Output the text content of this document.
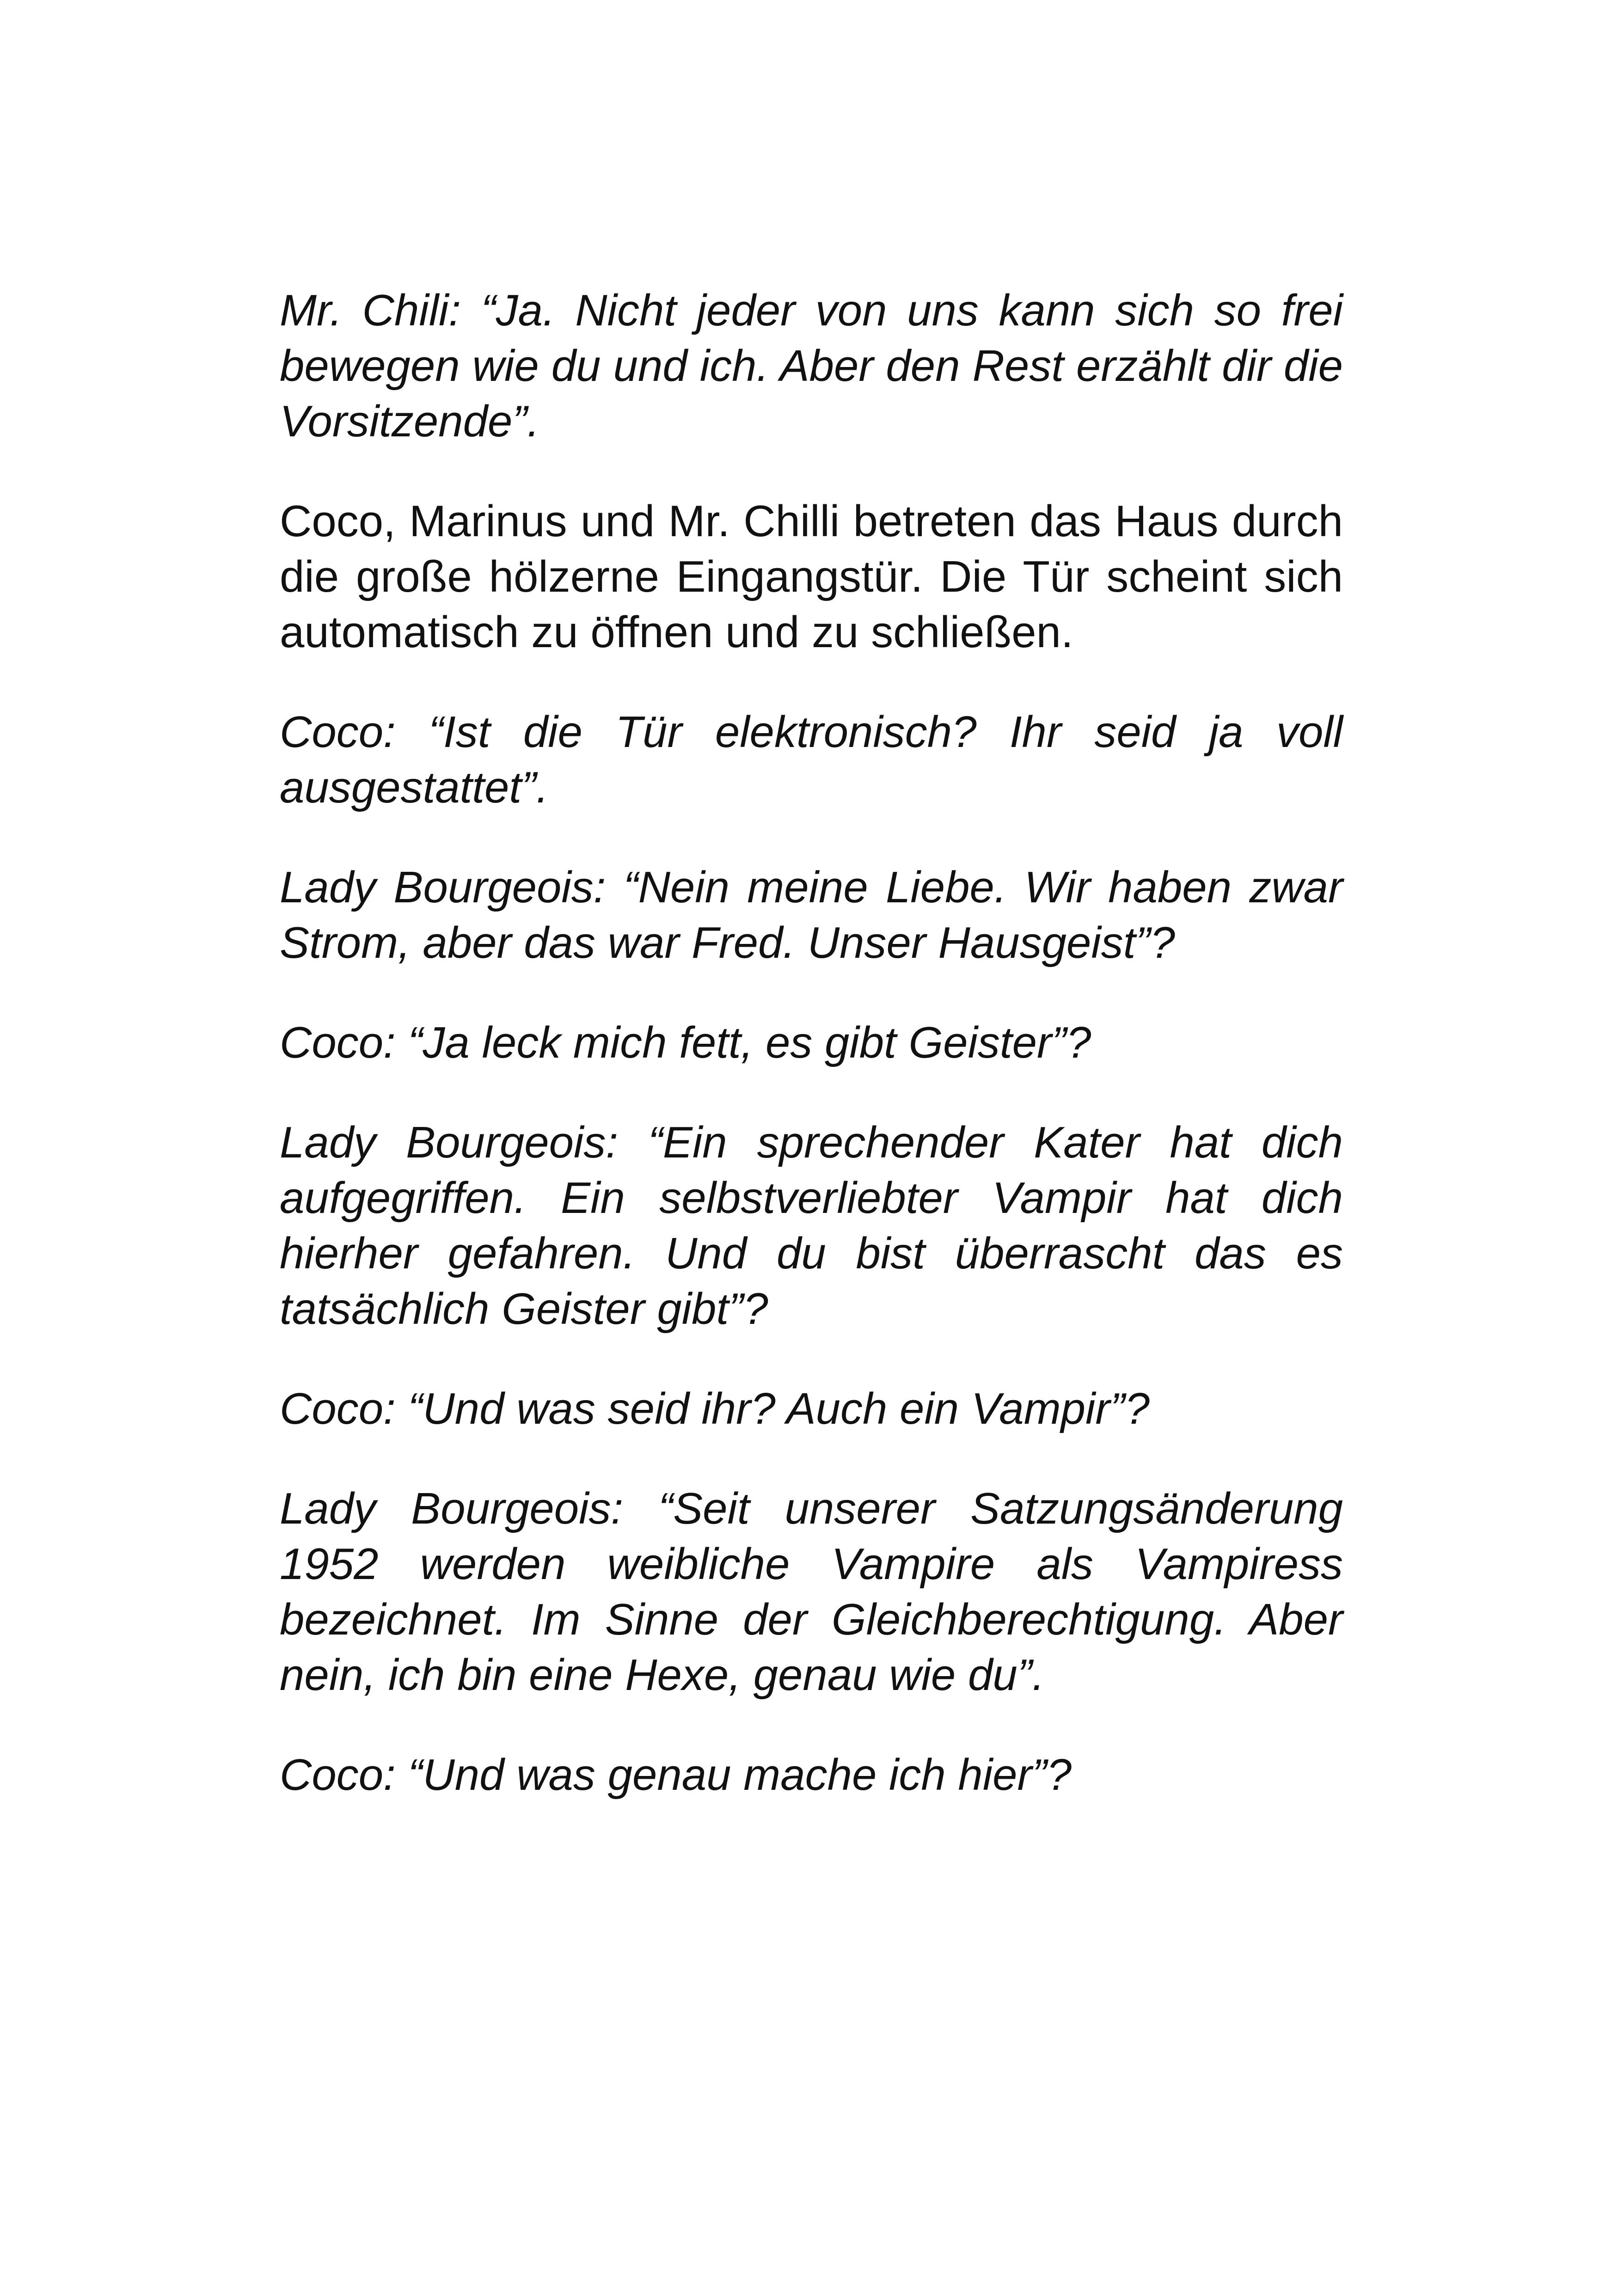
Mr. Chili: “Ja. Nicht jeder von uns kann sich so frei bewegen wie du und ich. Aber den Rest erzählt dir die Vorsitzende”.

Coco, Marinus und Mr. Chilli betreten das Haus durch die große hölzerne Eingangstür. Die Tür scheint sich automatisch zu öffnen und zu schließen.

Coco: “Ist die Tür elektronisch? Ihr seid ja voll ausgestattet”.

Lady Bourgeois: “Nein meine Liebe. Wir haben zwar Strom, aber das war Fred. Unser Hausgeist”?

Coco: “Ja leck mich fett, es gibt Geister”?

Lady Bourgeois: “Ein sprechender Kater hat dich aufgegriffen. Ein selbstverliebter Vampir hat dich hierher gefahren. Und du bist überrascht das es tatsächlich Geister gibt”?

Coco: “Und was seid ihr? Auch ein Vampir”?

Lady Bourgeois: “Seit unserer Satzungsänderung 1952 werden weibliche Vampire als Vampiress bezeichnet. Im Sinne der Gleichberechtigung. Aber nein, ich bin eine Hexe, genau wie du”.

Coco: “Und was genau mache ich hier”?
